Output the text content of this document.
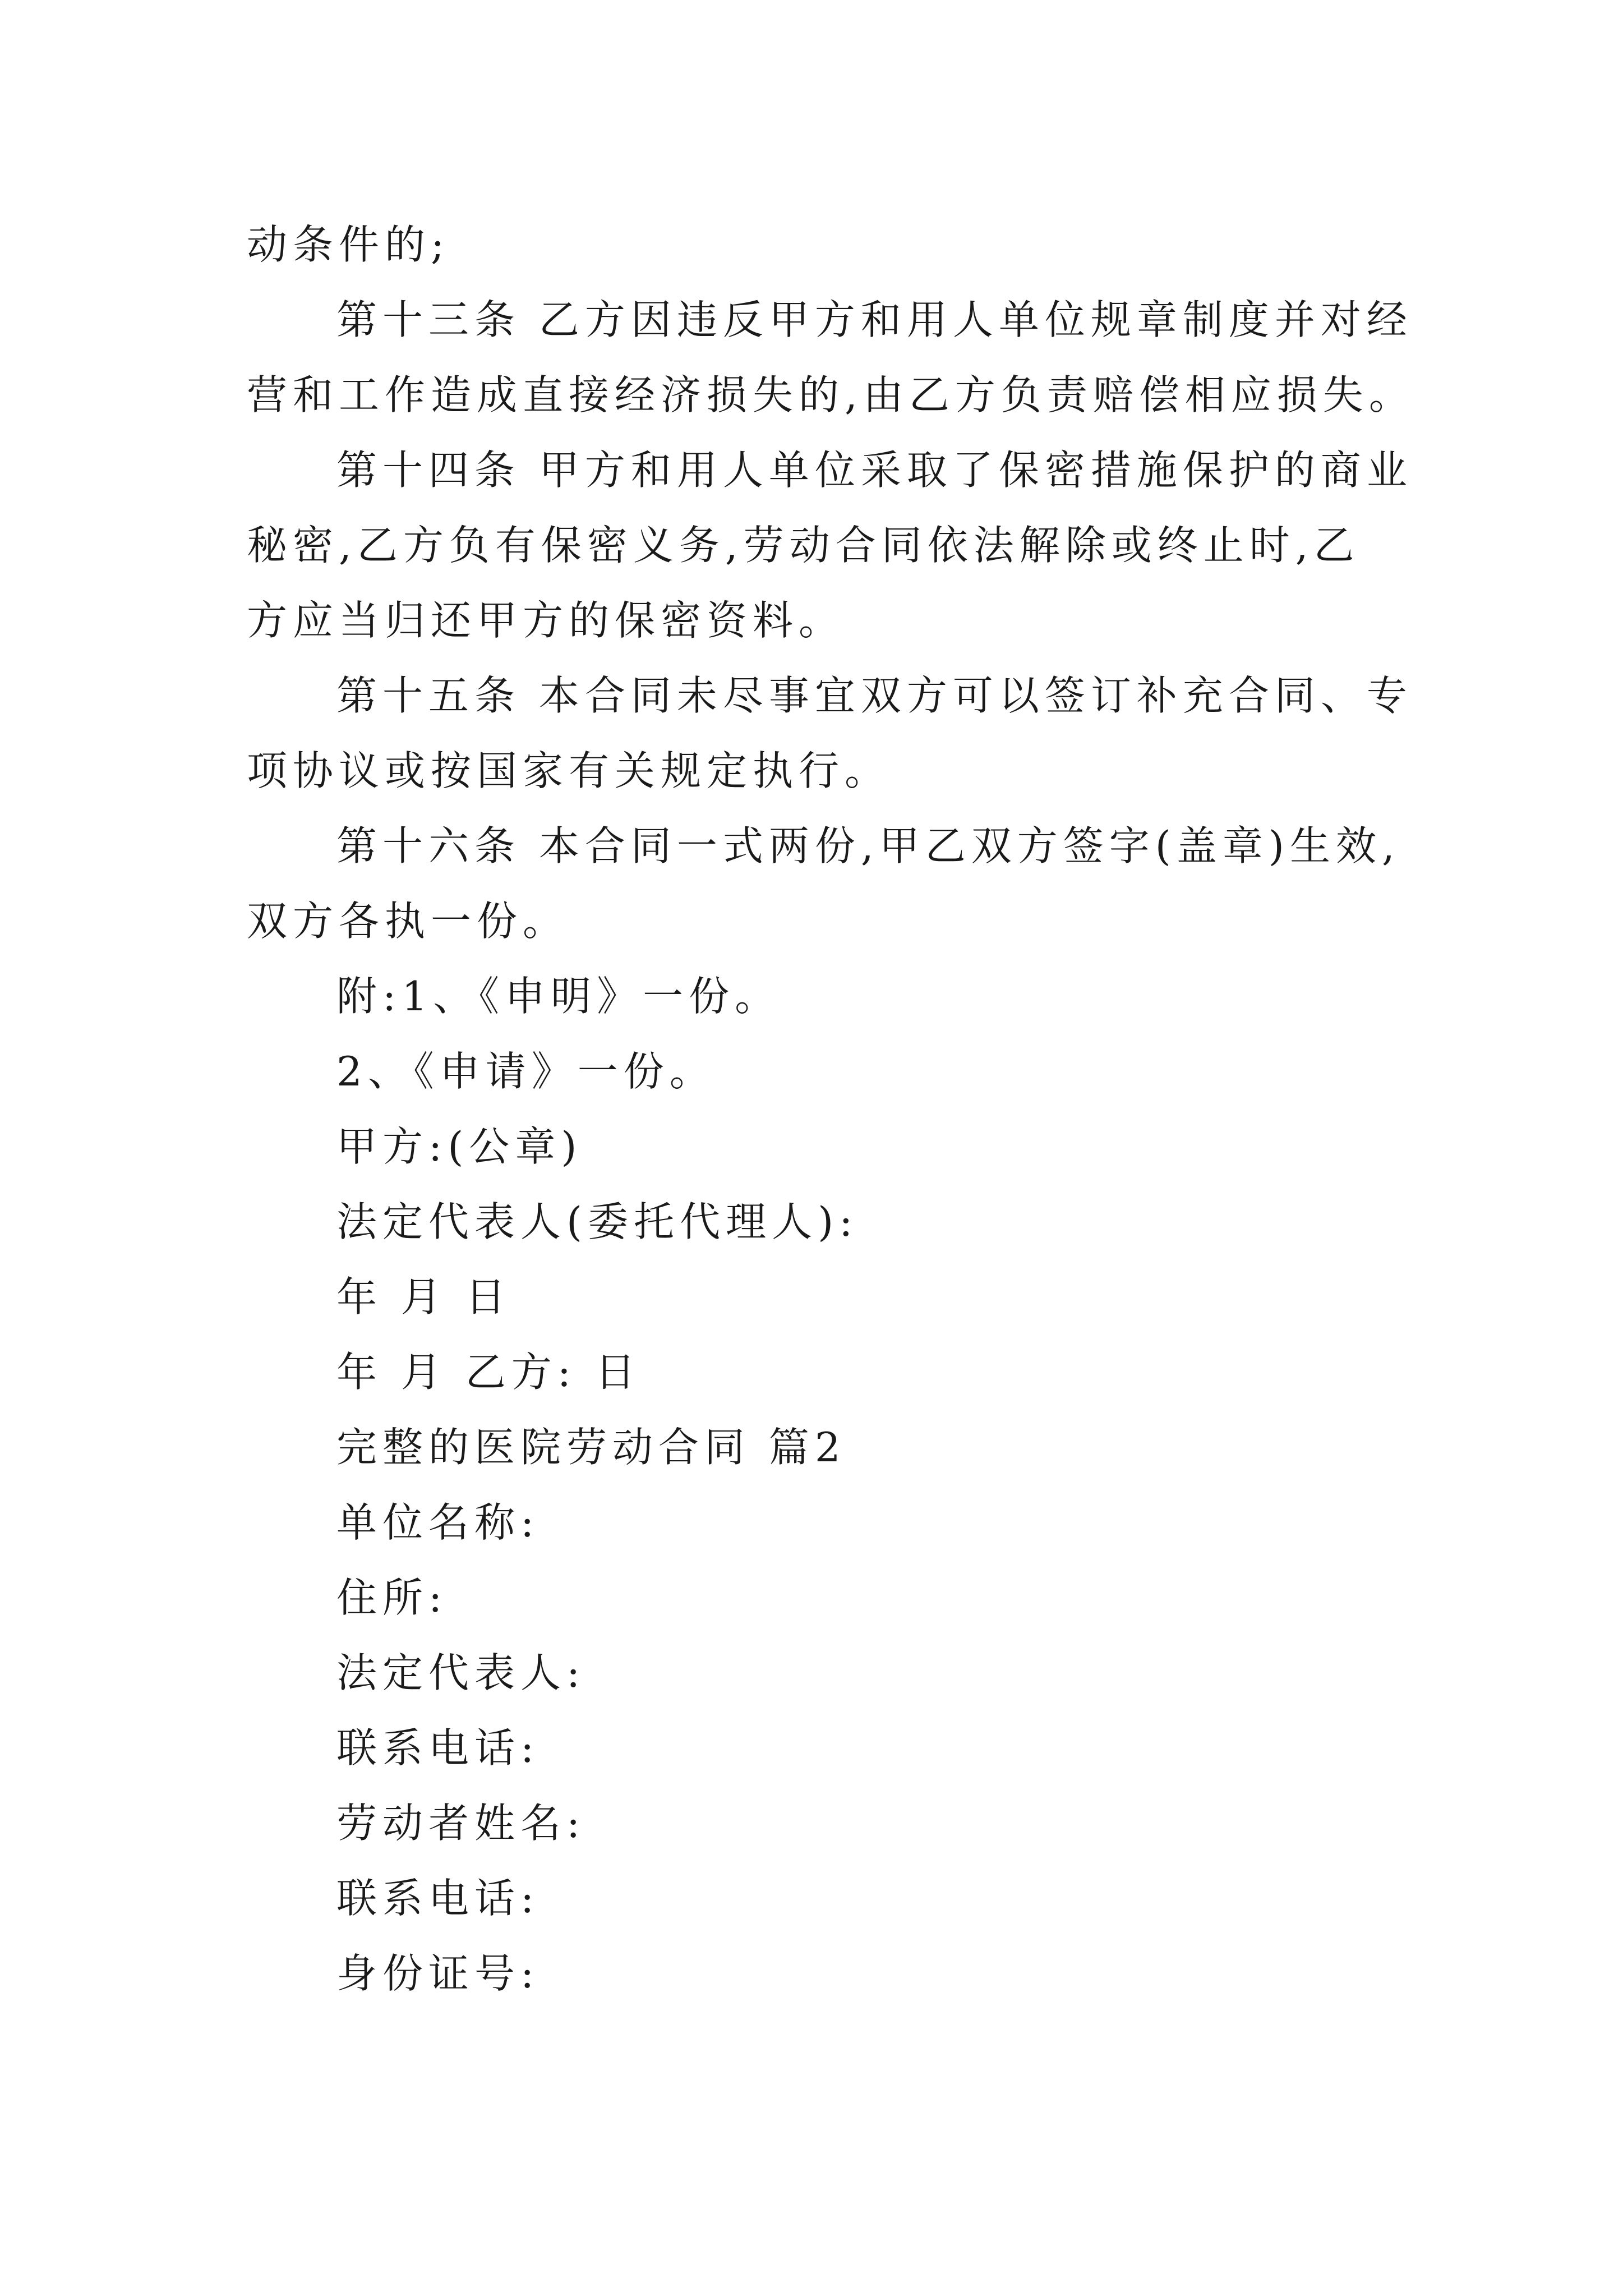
动条件的;
第十三条 乙方因违反甲方和用人单位规章制度并对经
营和工作造成直接经济损失的,由乙方负责赔偿相应损失。
第十四条 甲方和用人单位采取了保密措施保护的商业
秘密,乙方负有保密义务,劳动合同依法解除或终止时,乙
方应当归还甲方的保密资料。
第十五条 本合同未尽事宜双方可以签订补充合同、专
项协议或按国家有关规定执行。
第十六条 本合同一式两份,甲乙双方签字(盖章)生效,
双方各执一份。
附:1、《申明》一份。
2、《申请》一份。
甲方:(公章)
法定代表人(委托代理人):
年 月 日
年 月 乙方: 日
完整的医院劳动合同 篇2
单位名称:
住所:
法定代表人:
联系电话:
劳动者姓名:
联系电话:
身份证号:
